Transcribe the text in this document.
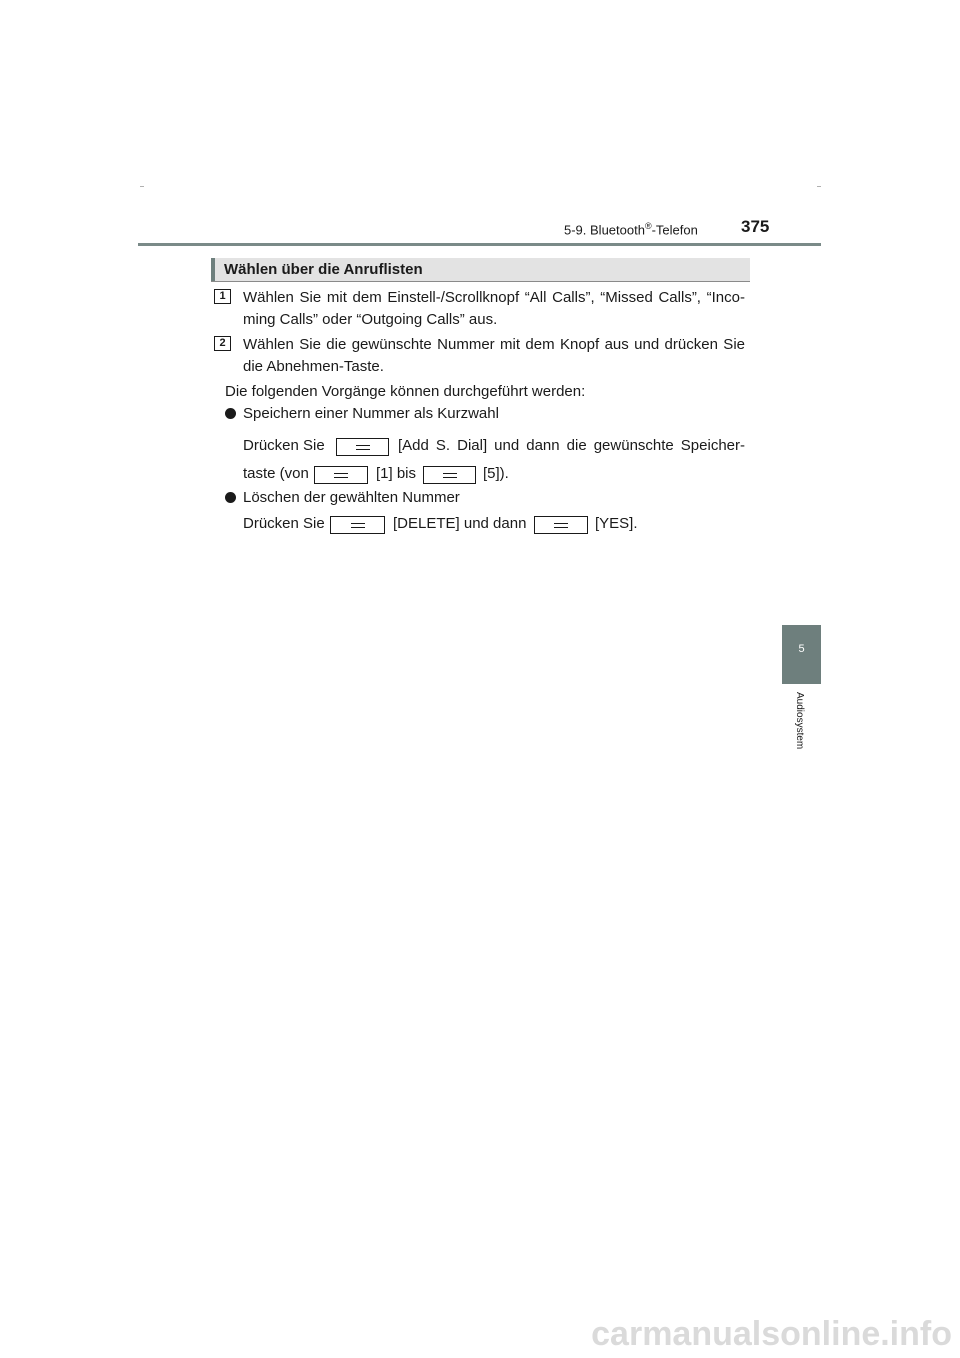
5-9. Bluetooth®-Telefon	375
Wählen über die Anruflisten
1	Wählen Sie mit dem Einstell-/Scrollknopf “All Calls”, “Missed Calls”, “Inco-ming Calls” oder “Outgoing Calls” aus.
2	Wählen Sie die gewünschte Nummer mit dem Knopf aus und drücken Sie die Abnehmen-Taste.
Die folgenden Vorgänge können durchgeführt werden:
Speichern einer Nummer als Kurzwahl
Drücken Sie	[Add S. Dial] und dann die gewünschte Speicher-
taste (von	[1] bis	[5]).
Löschen der gewählten Nummer
Drücken Sie	[DELETE] und dann	[YES].
5
Audiosystem
carmanualsonline.info
